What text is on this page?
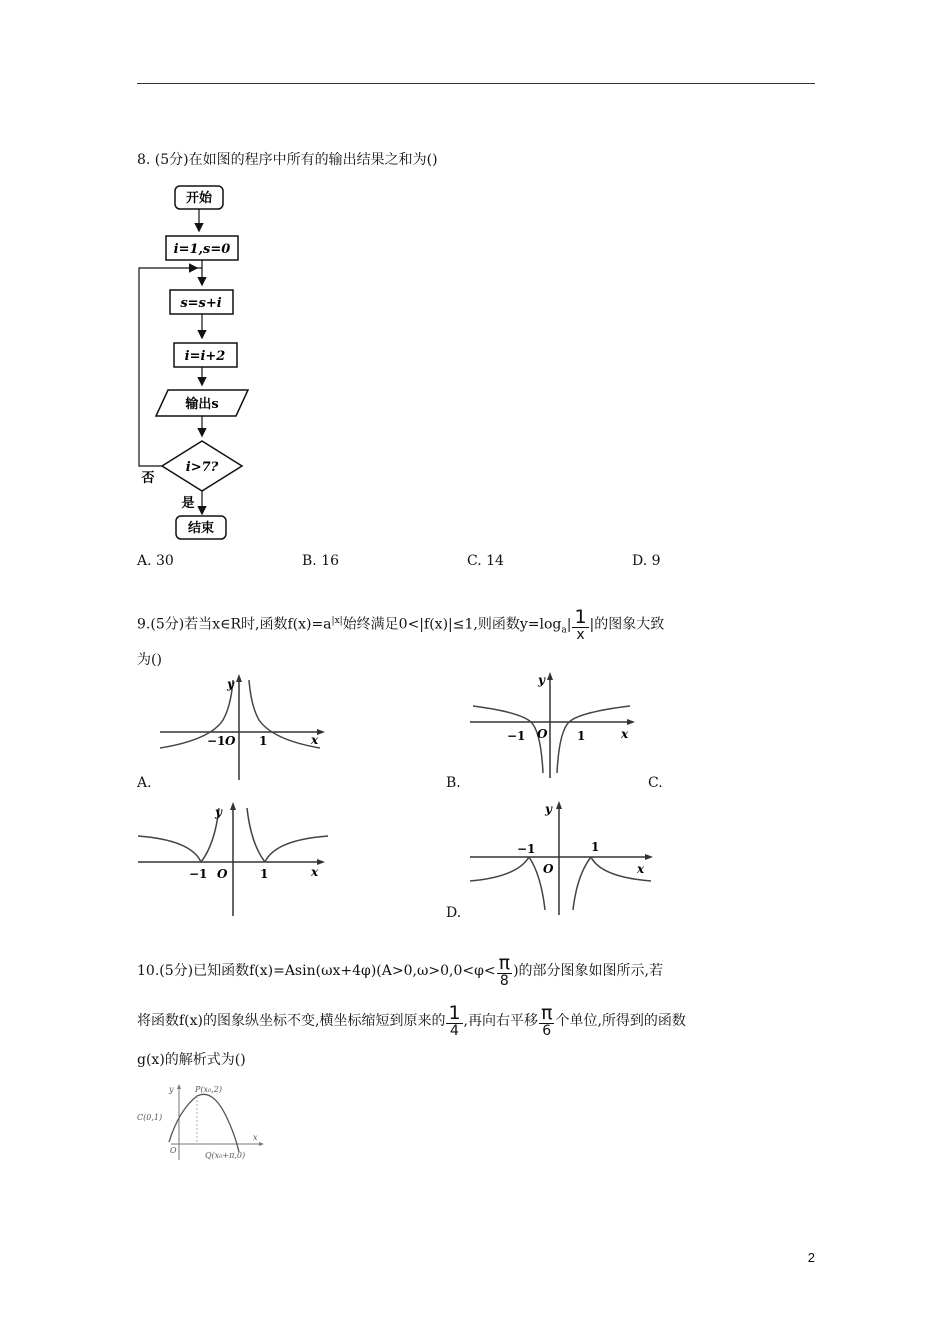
8. (5分)在如图的程序中所有的输出结果之和为()
开始
i=1,s=0
s=s+i
i=i+2
输出s
i>7?
否
是
结束
A. 30	B. 16	C. 14	D. 9
9.(5分)若当x∈R时,函数$f(x)=a^{|x|}$始终满足0<|f(x)|≤1,则函数$y=\log_a| \frac{1}{x}$ |的图象大致
为()
y
−1 O 1	x
A.
y
−1 O 1	x
B.	C.
y
−1 O	1	x
y
−1
O
1
x
D.
10.(5分)已知函数$f(x)=Asin(\omega x+4\varphi)(A>0,\omega>0,0<\varphi< \frac{\pi}{8}$ )的部分图象如图所示,若
将函数f(x)的图象纵坐标不变,横坐标缩短到原来的 $\frac{1}{4}$ ,再向右平移 $\frac{\pi}{6}$ 个单位,所得到的函数
g(x)的解析式为()
y
x
P(x₀,2)
C(0,1)
O
Q(x₀+π,0)
2
